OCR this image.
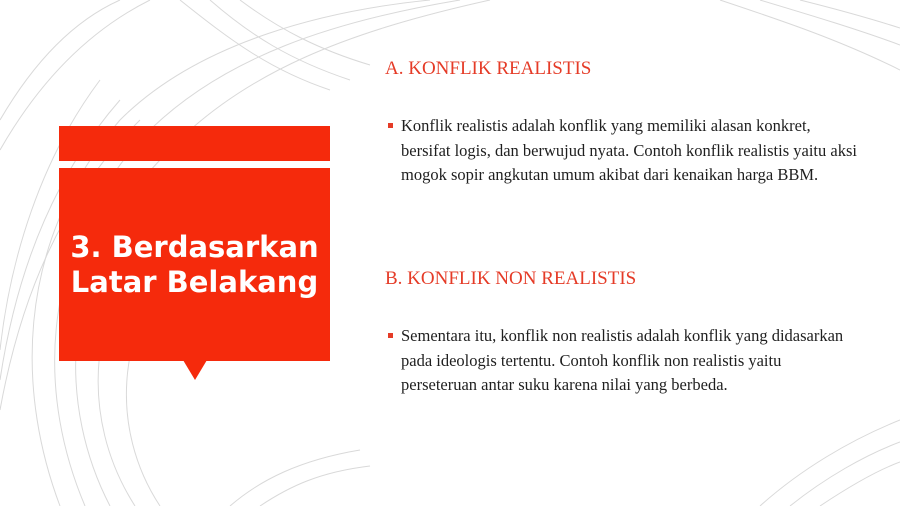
3. Berdasarkan Latar Belakang
A. KONFLIK REALISTIS
Konflik realistis adalah konflik yang memiliki alasan konkret, bersifat logis, dan berwujud nyata. Contoh konflik realistis yaitu aksi mogok sopir angkutan umum akibat dari kenaikan harga BBM.
B. KONFLIK NON REALISTIS
Sementara itu, konflik non realistis adalah konflik yang didasarkan pada ideologis tertentu. Contoh konflik non realistis yaitu perseteruan antar suku karena nilai yang berbeda.
